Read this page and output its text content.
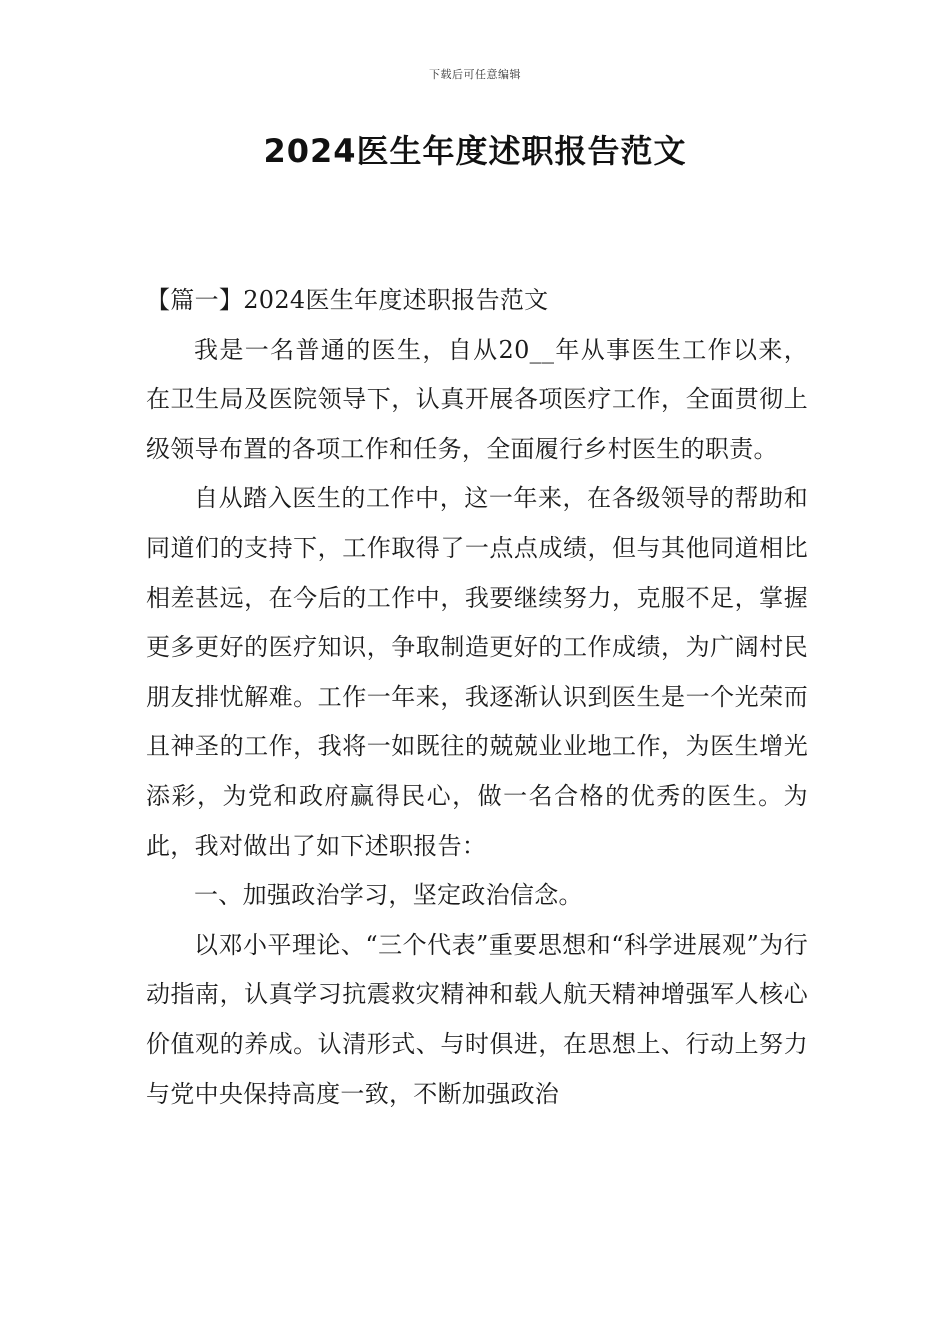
下载后可任意编辑
2024医生年度述职报告范文

【篇一】2024医生年度述职报告范文

我是一名普通的医生，自从20__年从事医生工作以来，在卫生局及医院领导下，认真开展各项医疗工作，全面贯彻上级领导布置的各项工作和任务，全面履行乡村医生的职责。

自从踏入医生的工作中，这一年来，在各级领导的帮助和同道们的支持下，工作取得了一点点成绩，但与其他同道相比相差甚远，在今后的工作中，我要继续努力，克服不足，掌握更多更好的医疗知识，争取制造更好的工作成绩，为广阔村民朋友排忧解难。工作一年来，我逐渐认识到医生是一个光荣而且神圣的工作，我将一如既往的兢兢业业地工作，为医生增光添彩，为党和政府赢得民心，做一名合格的优秀的医生。为此，我对做出了如下述职报告：

一、加强政治学习，坚定政治信念。

以邓小平理论、“三个代表”重要思想和“科学进展观”为行动指南，认真学习抗震救灾精神和载人航天精神增强军人核心价值观的养成。认清形式、与时俱进，在思想上、行动上努力与党中央保持高度一致，不断加强政治
